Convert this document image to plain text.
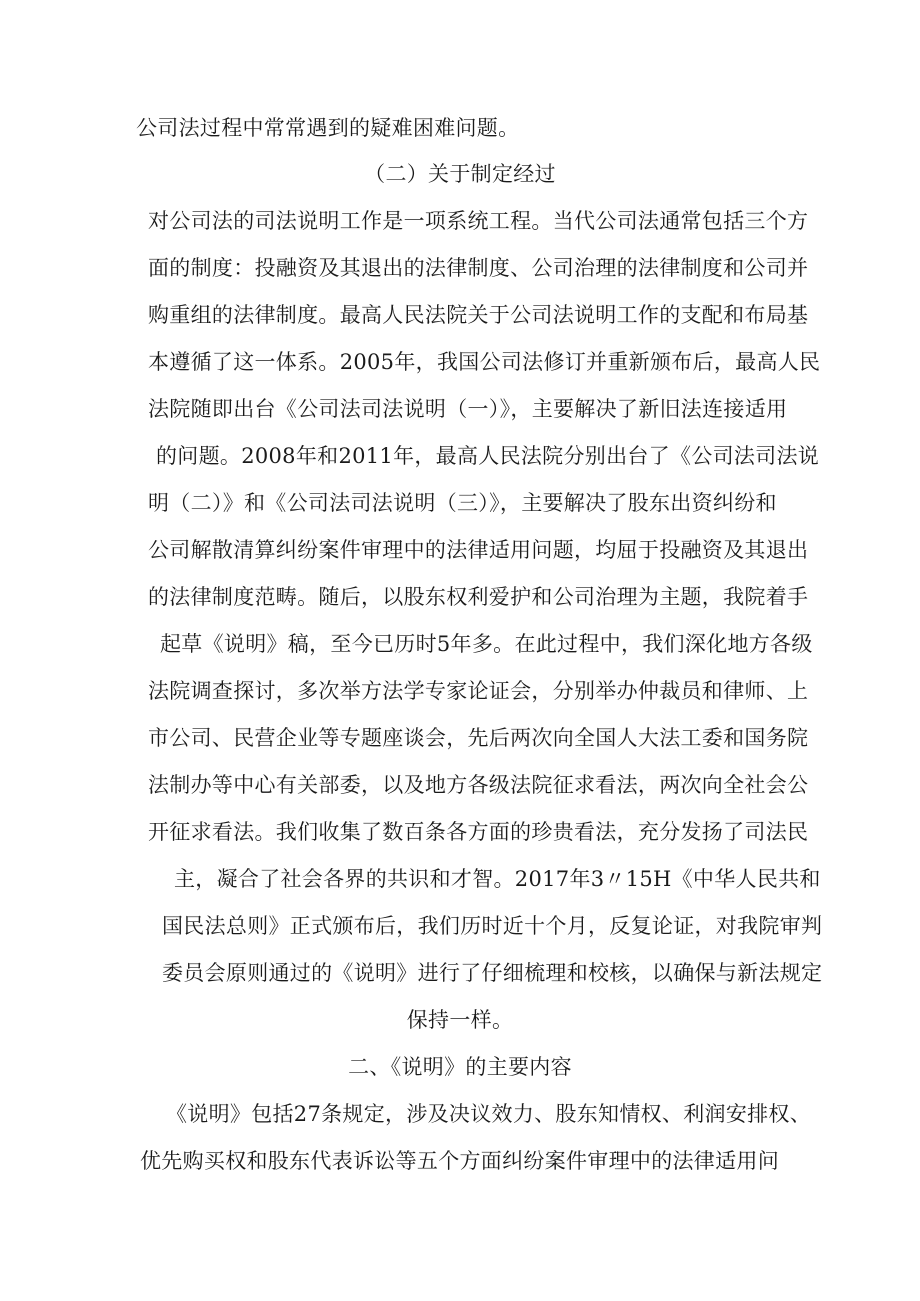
公司法过程中常常遇到的疑难困难问题。
（二）关于制定经过
对公司法的司法说明工作是一项系统工程。当代公司法通常包括三个方
面的制度：投融资及其退出的法律制度、公司治理的法律制度和公司并
购重组的法律制度。最高人民法院关于公司法说明工作的支配和布局基
本遵循了这一体系。2005年，我国公司法修订并重新颁布后，最高人民
法院随即出台《公司法司法说明（一）》，主要解决了新旧法连接适用
的问题。2008年和2011年，最高人民法院分别出台了《公司法司法说
明（二）》和《公司法司法说明（三）》，主要解决了股东出资纠纷和
公司解散清算纠纷案件审理中的法律适用问题，均屈于投融资及其退出
的法律制度范畴。随后，以股东权利爱护和公司治理为主题，我院着手
起草《说明》稿，至今已历时5年多。在此过程中，我们深化地方各级
法院调查探讨，多次举方法学专家论证会，分别举办仲裁员和律师、上
市公司、民营企业等专题座谈会，先后两次向全国人大法工委和国务院
法制办等中心有关部委，以及地方各级法院征求看法，两次向全社会公
开征求看法。我们收集了数百条各方面的珍贵看法，充分发扬了司法民
主，凝合了社会各界的共识和才智。2017年3〃15H《中华人民共和
国民法总则》正式颁布后，我们历时近十个月，反复论证，对我院审判
委员会原则通过的《说明》进行了仔细梳理和校核，以确保与新法规定
保持一样。
二、《说明》的主要内容
《说明》包括27条规定，涉及决议效力、股东知情权、利润安排权、
优先购买权和股东代表诉讼等五个方面纠纷案件审理中的法律适用问
